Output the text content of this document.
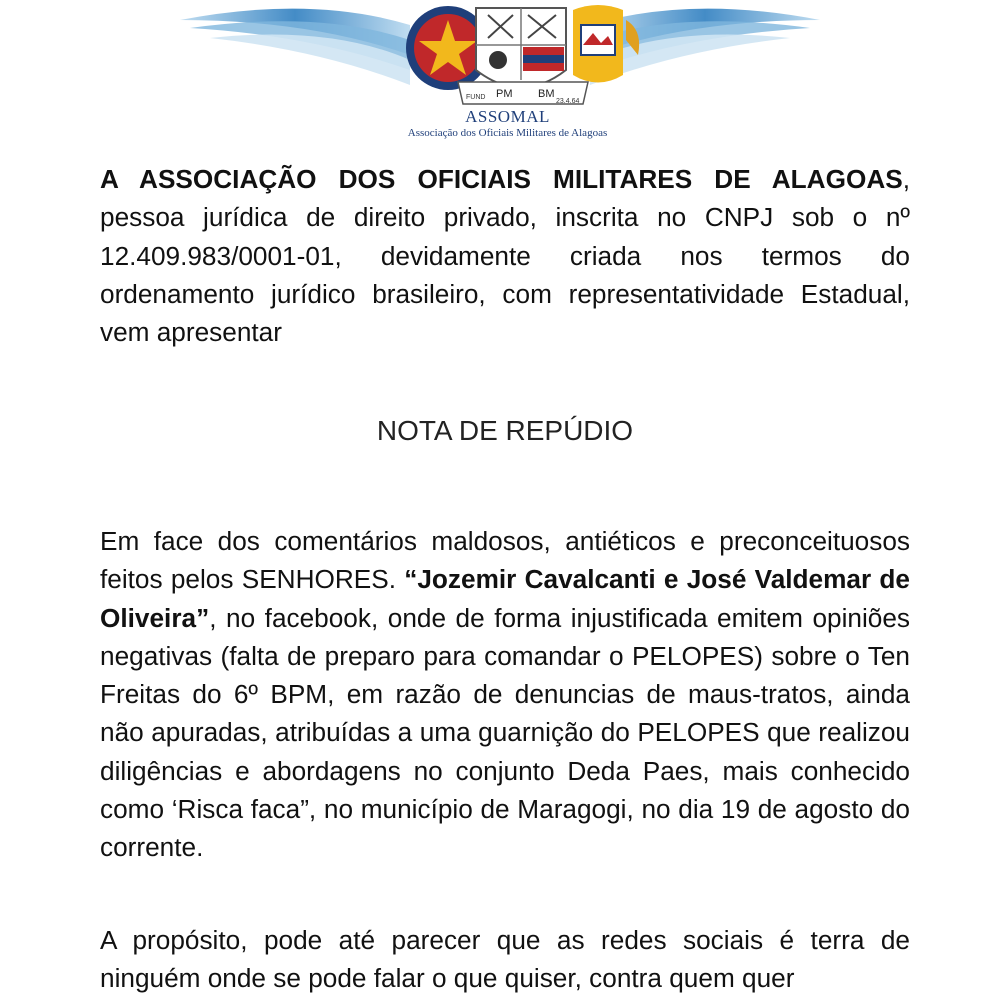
FUND PM BM
23.4.64
ASSOMAL
Associação dos Oficiais Militares de Alagoas

A ASSOCIAÇÃO DOS OFICIAIS MILITARES DE ALAGOAS, pessoa jurídica de direito privado, inscrita no CNPJ sob o nº 12.409.983/0001-01, devidamente criada nos termos do ordenamento jurídico brasileiro, com representatividade Estadual, vem apresentar

NOTA DE REPÚDIO

Em face dos comentários maldosos, antiéticos e preconceituosos feitos pelos SENHORES. “Jozemir Cavalcanti e José Valdemar de Oliveira”, no facebook, onde de forma injustificada emitem opiniões negativas (falta de preparo para comandar o PELOPES) sobre o Ten Freitas do 6º BPM, em razão de denuncias de maus-tratos, ainda não apuradas, atribuídas a uma guarnição do PELOPES que realizou diligências e abordagens no conjunto Deda Paes, mais conhecido como ‘Risca faca”, no município de Maragogi, no dia 19 de agosto do corrente.

A propósito, pode até parecer que as redes sociais é terra de ninguém onde se pode falar o que quiser, contra quem quer
